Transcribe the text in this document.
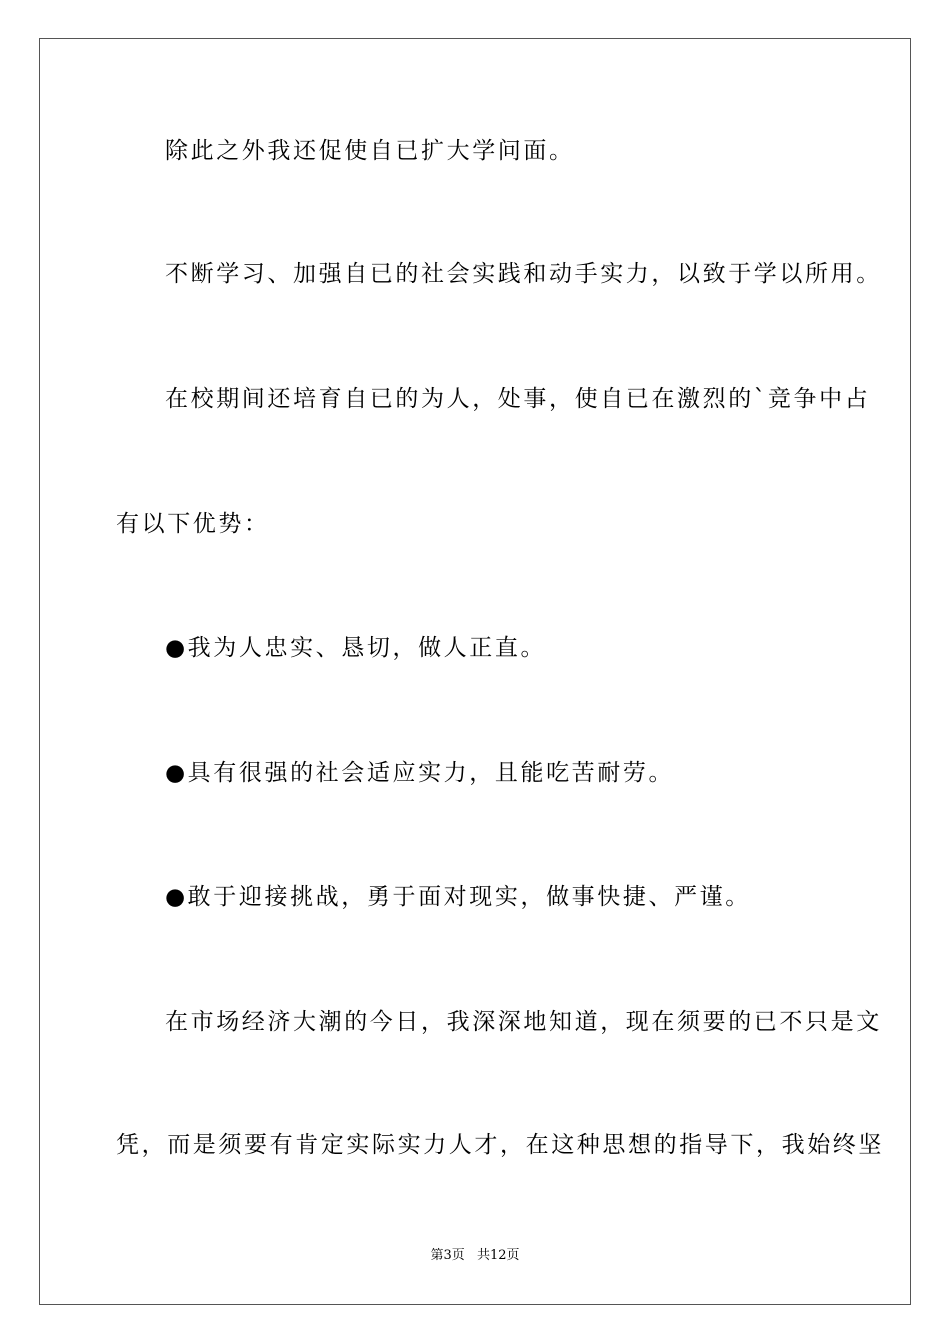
除此之外我还促使自已扩大学问面。
不断学习、加强自已的社会实践和动手实力，以致于学以所用。
在校期间还培育自已的为人，处事，使自已在激烈的`竞争中占
有以下优势：
●我为人忠实、恳切，做人正直。
●具有很强的社会适应实力，且能吃苦耐劳。
●敢于迎接挑战，勇于面对现实，做事快捷、严谨。
在市场经济大潮的今日，我深深地知道，现在须要的已不只是文
凭，而是须要有肯定实际实力人才，在这种思想的指导下，我始终坚
第3页 共12页
